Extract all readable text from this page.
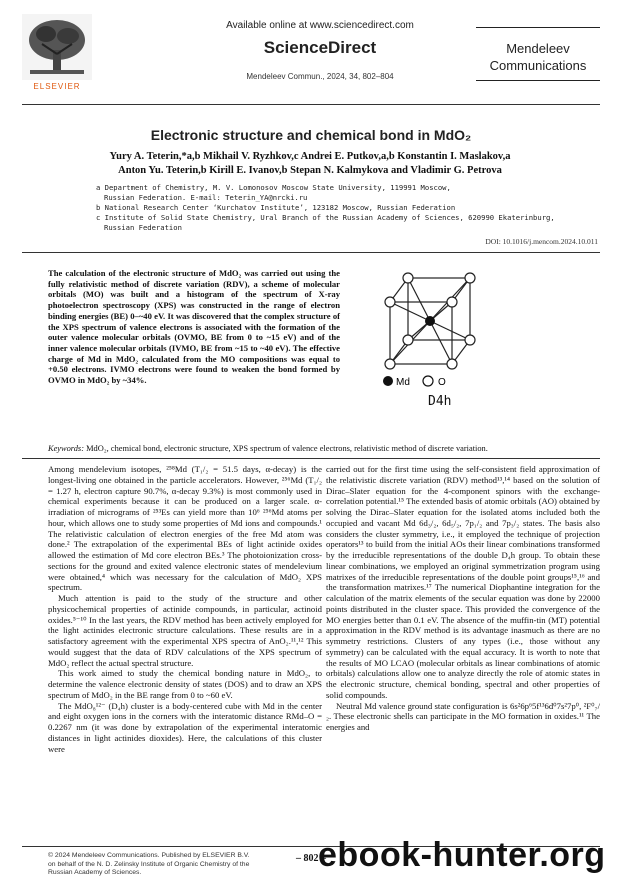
ELSEVIER
Available online at www.sciencedirect.com
ScienceDirect
Mendeleev Commun., 2024, 34, 802–804
Mendeleev
Communications
Electronic structure and chemical bond in MdO₂
Yury A. Teterin,*a,b Mikhail V. Ryzhkov,c Andrei E. Putkov,a,b Konstantin I. Maslakov,a
Anton Yu. Teterin,b Kirill E. Ivanov,b Stepan N. Kalmykova and Vladimir G. Petrova

a Department of Chemistry, M. V. Lomonosov Moscow State University, 119991 Moscow,

Russian Federation. E-mail: Teterin_YA@nrcki.ru

b National Research Center ‘Kurchatov Institute’, 123182 Moscow, Russian Federation

c Institute of Solid State Chemistry, Ural Branch of the Russian Academy of Sciences, 620990 Ekaterinburg,

Russian Federation

DOI: 10.1016/j.mencom.2024.10.011
The calculation of the electronic structure of MdO₂ was carried out using the fully relativistic method of discrete variation (RDV), a scheme of molecular orbitals (MO) was built and a histogram of the spectrum of X-ray photoelectron spectroscopy (XPS) was constructed in the range of electron binding energies (BE) 0–~40 eV. It was discovered that the complex structure of the XPS spectrum of valence electrons is associated with the formation of the outer valence molecular orbitals (OVMO, BE from 0 to ~15 eV) and of the inner valence molecular orbitals (IVMO, BE from ~15 to ~40 eV). The effective charge of Md in MdO₂ calculated from the MO compositions was equal to +0.50 electrons. IVMO electrons were found to weaken the bond formed by OVMO in MdO₂ by ~34%.	Md	O
D4h
Keywords: MdO₂, chemical bond, electronic structure, XPS spectrum of valence electrons, relativistic method of discrete variation.

Among mendelevium isotopes, ²⁵⁸Md (T₁/₂ = 51.5 days, α-decay) is the longest-living one obtained in the particle accelerators. However, ²⁵⁶Md (T₁/₂ = 1.27 h, electron capture 90.7%, α-decay 9.3%) is most commonly used in chemical experiments because it can be produced on a larger scale. α-irradiation of micrograms of ²⁵³Es can yield more than 10⁶ ²⁵⁶Md atoms per hour, which allows one to study some properties of Md ions and compounds.¹ The relativistic calculation of electron energies of the free Md atom was done.² The extrapolation of the experimental BEs of light actinide oxides allowed the estimation of Md core electron BEs.³ The photoionization cross-sections for the ground and exited valence electronic states of mendelevium were obtained,⁴ which was necessary for the calculation of MdO₂ XPS spectrum.

Much attention is paid to the study of the structure and other physicochemical properties of actinide compounds, in particular, actinoid oxides.⁵⁻¹⁰ In the last years, the RDV method has been actively employed for the light actinides electronic structure calculations. These results are in a satisfactory agreement with the experimental XPS spectra of AnO₂.¹¹,¹² This would suggest that the data of RDV calculations of the XPS spectrum of MdO₂ reflect the actual spectral structure.

This work aimed to study the chemical bonding nature in MdO₂, to determine the valence electronic density of states (DOS) and to draw an XPS spectrum of MdO₂ in the BE range from 0 to ~60 eV.

The MdO₈¹²⁻ (D₄h) cluster is a body-centered cube with Md in the center and eight oxygen ions in the corners with the interatomic distance RMd–O = 0.2267 nm (it was done by extrapolation of the experimental interatomic distances in light actinides dioxides). Here, the calculations of this cluster were

carried out for the first time using the self-consistent field approximation of the relativistic discrete variation (RDV) method¹³,¹⁴ based on the solution of Dirac–Slater equation for the 4-component spinors with the exchange-correlation potential.¹⁵ The extended basis of atomic orbitals (AO) obtained by solving the Dirac–Slater equation for the isolated atoms included both the occupied and vacant Md 6d₃/₂, 6d₅/₂, 7p₁/₂ and 7p₃/₂ states. The basis also considers the cluster symmetry, i.e., it employed the technique of projection operators¹³ to build from the initial AOs their linear combinations transformed by the irreducible representations of the double D₄h group. To obtain these linear combinations, we employed an original symmetrization program using matrixes of the irreducible representations of the double point groups¹⁵,¹⁶ and the transformation matrixes.¹⁷ The numerical Diophantine integration for the calculation of the matrix elements of the secular equation was done by 22000 points distributed in the cluster space. This provided the convergence of the MO energies better than 0.1 eV. The absence of the muffin-tin (MT) potential approximation in the RDV method is its advantage inasmuch as there are no symmetry restrictions. Clusters of any types (i.e., those without any symmetry) can be calculated with the equal accuracy. It is worth to note that the results of MO LCAO (molecular orbitals as linear combinations of atomic orbitals) calculations allow one to analyze directly the role of atomic states in the electronic structure, chemical bonding, spectral and other properties of solid compounds.

Neutral Md valence ground state configuration is 6s²6p⁶5f¹³6d⁰7s²7p⁰, ²F⁰₇/₂. These electronic shells can participate in the MO formation in oxides.¹¹ The energies and

© 2024 Mendeleev Communications. Published by ELSEVIER B.V.
on behalf of the N. D. Zelinsky Institute of Organic Chemistry of the
Russian Academy of Sciences.
– 802 –
ebook-hunter.org
